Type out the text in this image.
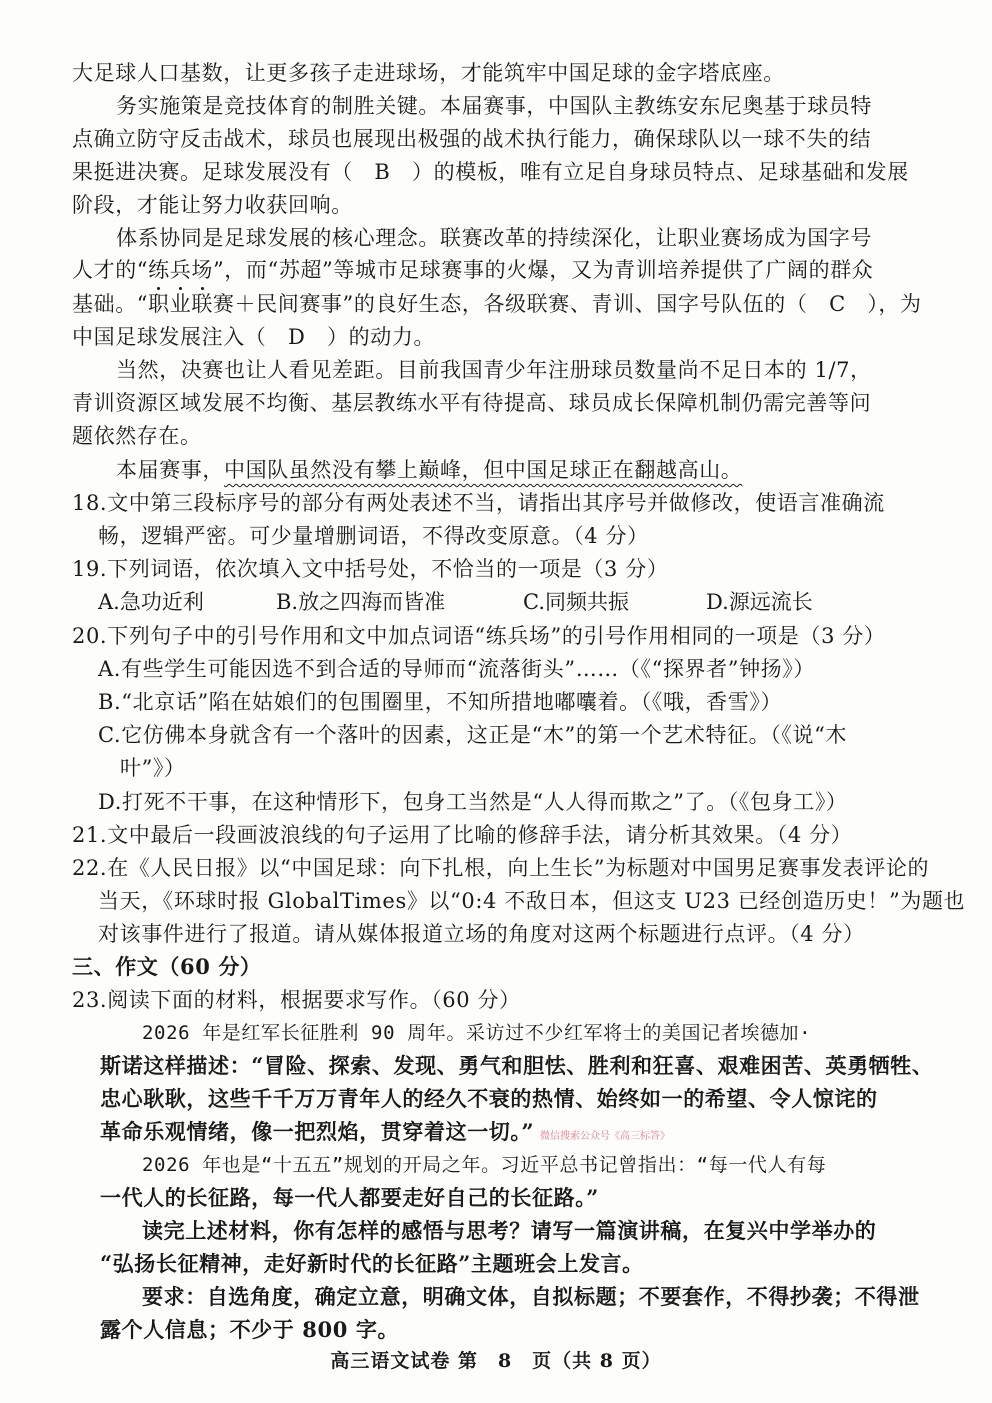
大足球人口基数，让更多孩子走进球场，才能筑牢中国足球的金字塔底座。
务实施策是竞技体育的制胜关键。本届赛事，中国队主教练安东尼奥基于球员特
点确立防守反击战术，球员也展现出极强的战术执行能力，确保球队以一球不失的结
果挺进决赛。足球发展没有（　B　）的模板，唯有立足自身球员特点、足球基础和发展
阶段，才能让努力收获回响。
体系协同是足球发展的核心理念。联赛改革的持续深化，让职业赛场成为国字号
人才的“练兵场”，而“苏超”等城市足球赛事的火爆，又为青训培养提供了广阔的群众
基础。“职业联赛＋民间赛事”的良好生态，各级联赛、青训、国字号队伍的（　C　），为
中国足球发展注入（　D　）的动力。
当然，决赛也让人看见差距。目前我国青少年注册球员数量尚不足日本的 1/7，
青训资源区域发展不均衡、基层教练水平有待提高、球员成长保障机制仍需完善等问
题依然存在。
本届赛事，中国队虽然没有攀上巅峰，但中国足球正在翻越高山。
18.文中第三段标序号的部分有两处表述不当，请指出其序号并做修改，使语言准确流
畅，逻辑严密。可少量增删词语，不得改变原意。（4 分）
19.下列词语，依次填入文中括号处，不恰当的一项是（3 分）
A.急功近利	B.放之四海而皆准	C.同频共振	D.源远流长
20.下列句子中的引号作用和文中加点词语“练兵场”的引号作用相同的一项是（3 分）
A.有些学生可能因选不到合适的导师而“流落街头”……（《“探界者”钟扬》）
B.“北京话”陷在姑娘们的包围圈里，不知所措地嘟囔着。（《哦，香雪》）
C.它仿佛本身就含有一个落叶的因素，这正是“木”的第一个艺术特征。（《说“木
叶”》）
D.打死不干事，在这种情形下，包身工当然是“人人得而欺之”了。（《包身工》）
21.文中最后一段画波浪线的句子运用了比喻的修辞手法，请分析其效果。（4 分）
22.在《人民日报》以“中国足球：向下扎根，向上生长”为标题对中国男足赛事发表评论的
当天，《环球时报 GlobalTimes》以“0:4 不敌日本，但这支 U23 已经创造历史！”为题也
对该事件进行了报道。请从媒体报道立场的角度对这两个标题进行点评。（4 分）
三、作文（60 分）
23.阅读下面的材料，根据要求写作。（60 分）
2026 年是红军长征胜利 90 周年。采访过不少红军将士的美国记者埃德加·
斯诺这样描述：“冒险、探索、发现、勇气和胆怯、胜利和狂喜、艰难困苦、英勇牺牲、
忠心耿耿，这些千千万万青年人的经久不衰的热情、始终如一的希望、令人惊诧的
革命乐观情绪，像一把烈焰，贯穿着这一切。”
2026 年也是“十五五”规划的开局之年。习近平总书记曾指出：“每一代人有每
一代人的长征路，每一代人都要走好自己的长征路。”
读完上述材料，你有怎样的感悟与思考？请写一篇演讲稿，在复兴中学举办的
“弘扬长征精神，走好新时代的长征路”主题班会上发言。
要求：自选角度，确定立意，明确文体，自拟标题；不要套作，不得抄袭；不得泄
露个人信息；不少于 800 字。
微信搜索公众号《高三标答》
高三语文试卷 第　8　页（共 8 页）
